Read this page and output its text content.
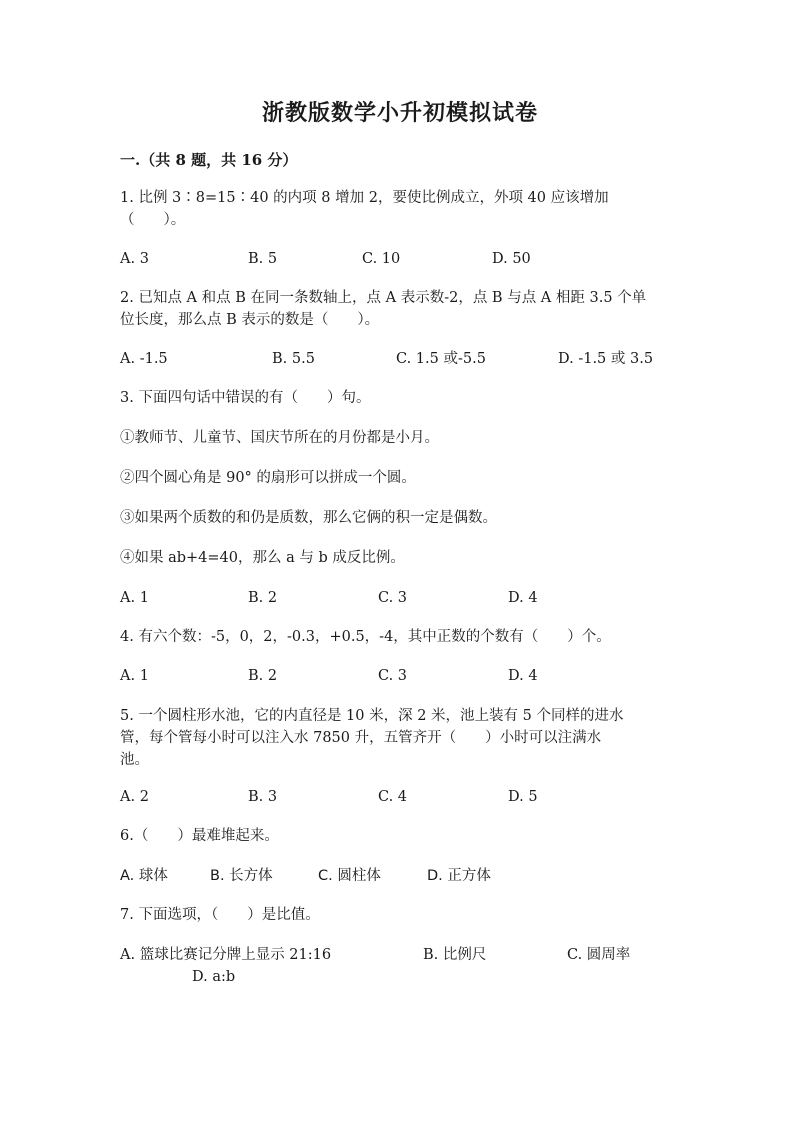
浙教版数学小升初模拟试卷
一.（共 8 题，共 16 分）
1. 比例 3∶8=15∶40 的内项 8 增加 2，要使比例成立，外项 40 应该增加
（　　）。
A. 3	B. 5	C. 10	D. 50
2. 已知点 A 和点 B 在同一条数轴上，点 A 表示数-2，点 B 与点 A 相距 3.5 个单
位长度，那么点 B 表示的数是（　　）。
A. -1.5	B. 5.5	C. 1.5 或-5.5	D. -1.5 或 3.5
3. 下面四句话中错误的有（　　）句。
①教师节、儿童节、国庆节所在的月份都是小月。
②四个圆心角是 90° 的扇形可以拼成一个圆。
③如果两个质数的和仍是质数，那么它俩的积一定是偶数。
④如果 ab+4=40，那么 a 与 b 成反比例。
A. 1	B. 2	C. 3	D. 4
4. 有六个数：-5，0，2，-0.3，+0.5，-4，其中正数的个数有（　　）个。
A. 1	B. 2	C. 3	D. 4
5. 一个圆柱形水池，它的内直径是 10 米，深 2 米，池上装有 5 个同样的进水
管，每个管每小时可以注入水 7850 升，五管齐开（　　）小时可以注满水
池。
A. 2	B. 3	C. 4	D. 5
6.（　　）最难堆起来。
A. 球体	B. 长方体	C. 圆柱体	D. 正方体
7. 下面选项，（　　）是比值。
A. 篮球比赛记分牌上显示 21:16	B. 比例尺	C. 圆周率
D. a:b
